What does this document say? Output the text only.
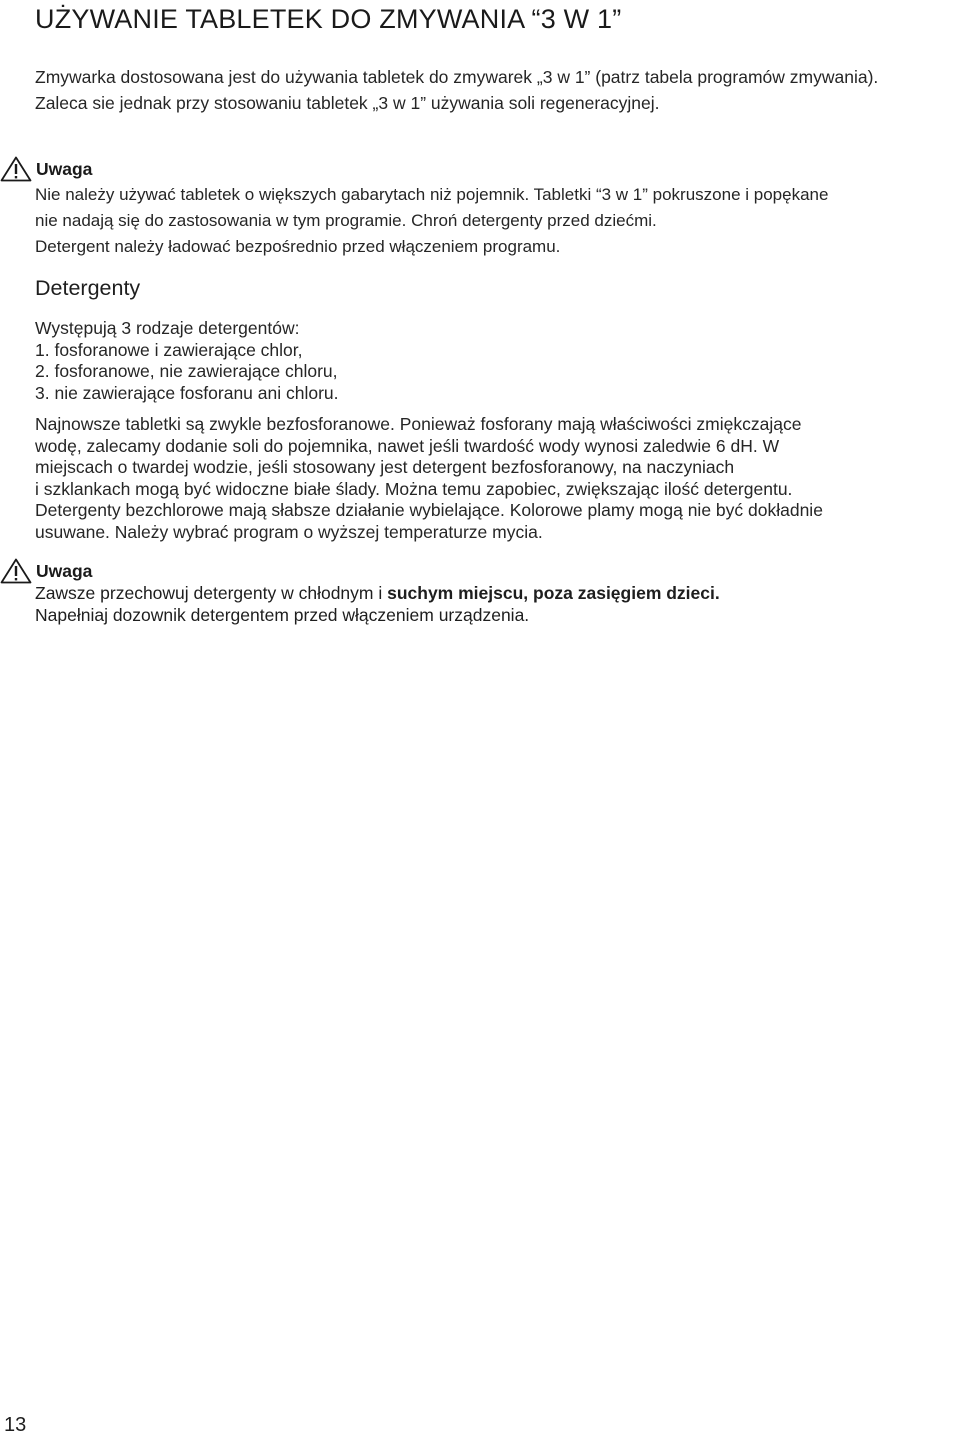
UŻYWANIE TABLETEK DO ZMYWANIA “3 W 1”

Zmywarka dostosowana jest do używania tabletek do zmywarek „3 w 1” (patrz tabela programów zmywania).
Zaleca sie jednak przy stosowaniu tabletek „3 w 1” używania soli regeneracyjnej.

Uwaga

Nie należy używać tabletek o większych gabarytach niż pojemnik. Tabletki “3 w 1” pokruszone i popękane
nie nadają się do zastosowania w tym programie. Chroń detergenty przed dziećmi.
Detergent należy ładować bezpośrednio przed włączeniem programu.

Detergenty
Występują 3 rodzaje detergentów:
1. fosforanowe i zawierające chlor,
2. fosforanowe, nie zawierające chloru,
3. nie zawierające fosforanu ani chloru.
Najnowsze tabletki są zwykle bezfosforanowe. Ponieważ fosforany mają właściwości zmiękczające
wodę, zalecamy dodanie soli do pojemnika, nawet jeśli twardość wody wynosi zaledwie 6 dH. W
miejscach o twardej wodzie, jeśli stosowany jest detergent bezfosforanowy, na naczyniach
i szklankach mogą być widoczne białe ślady. Można temu zapobiec, zwiększając ilość detergentu.
Detergenty bezchlorowe mają słabsze działanie wybielające. Kolorowe plamy mogą nie być dokładnie
usuwane. Należy wybrać program o wyższej temperaturze mycia.
Uwaga
Zawsze przechowuj detergenty w chłodnym i suchym miejscu, poza zasięgiem dzieci.
Napełniaj dozownik detergentem przed włączeniem urządzenia.
13
